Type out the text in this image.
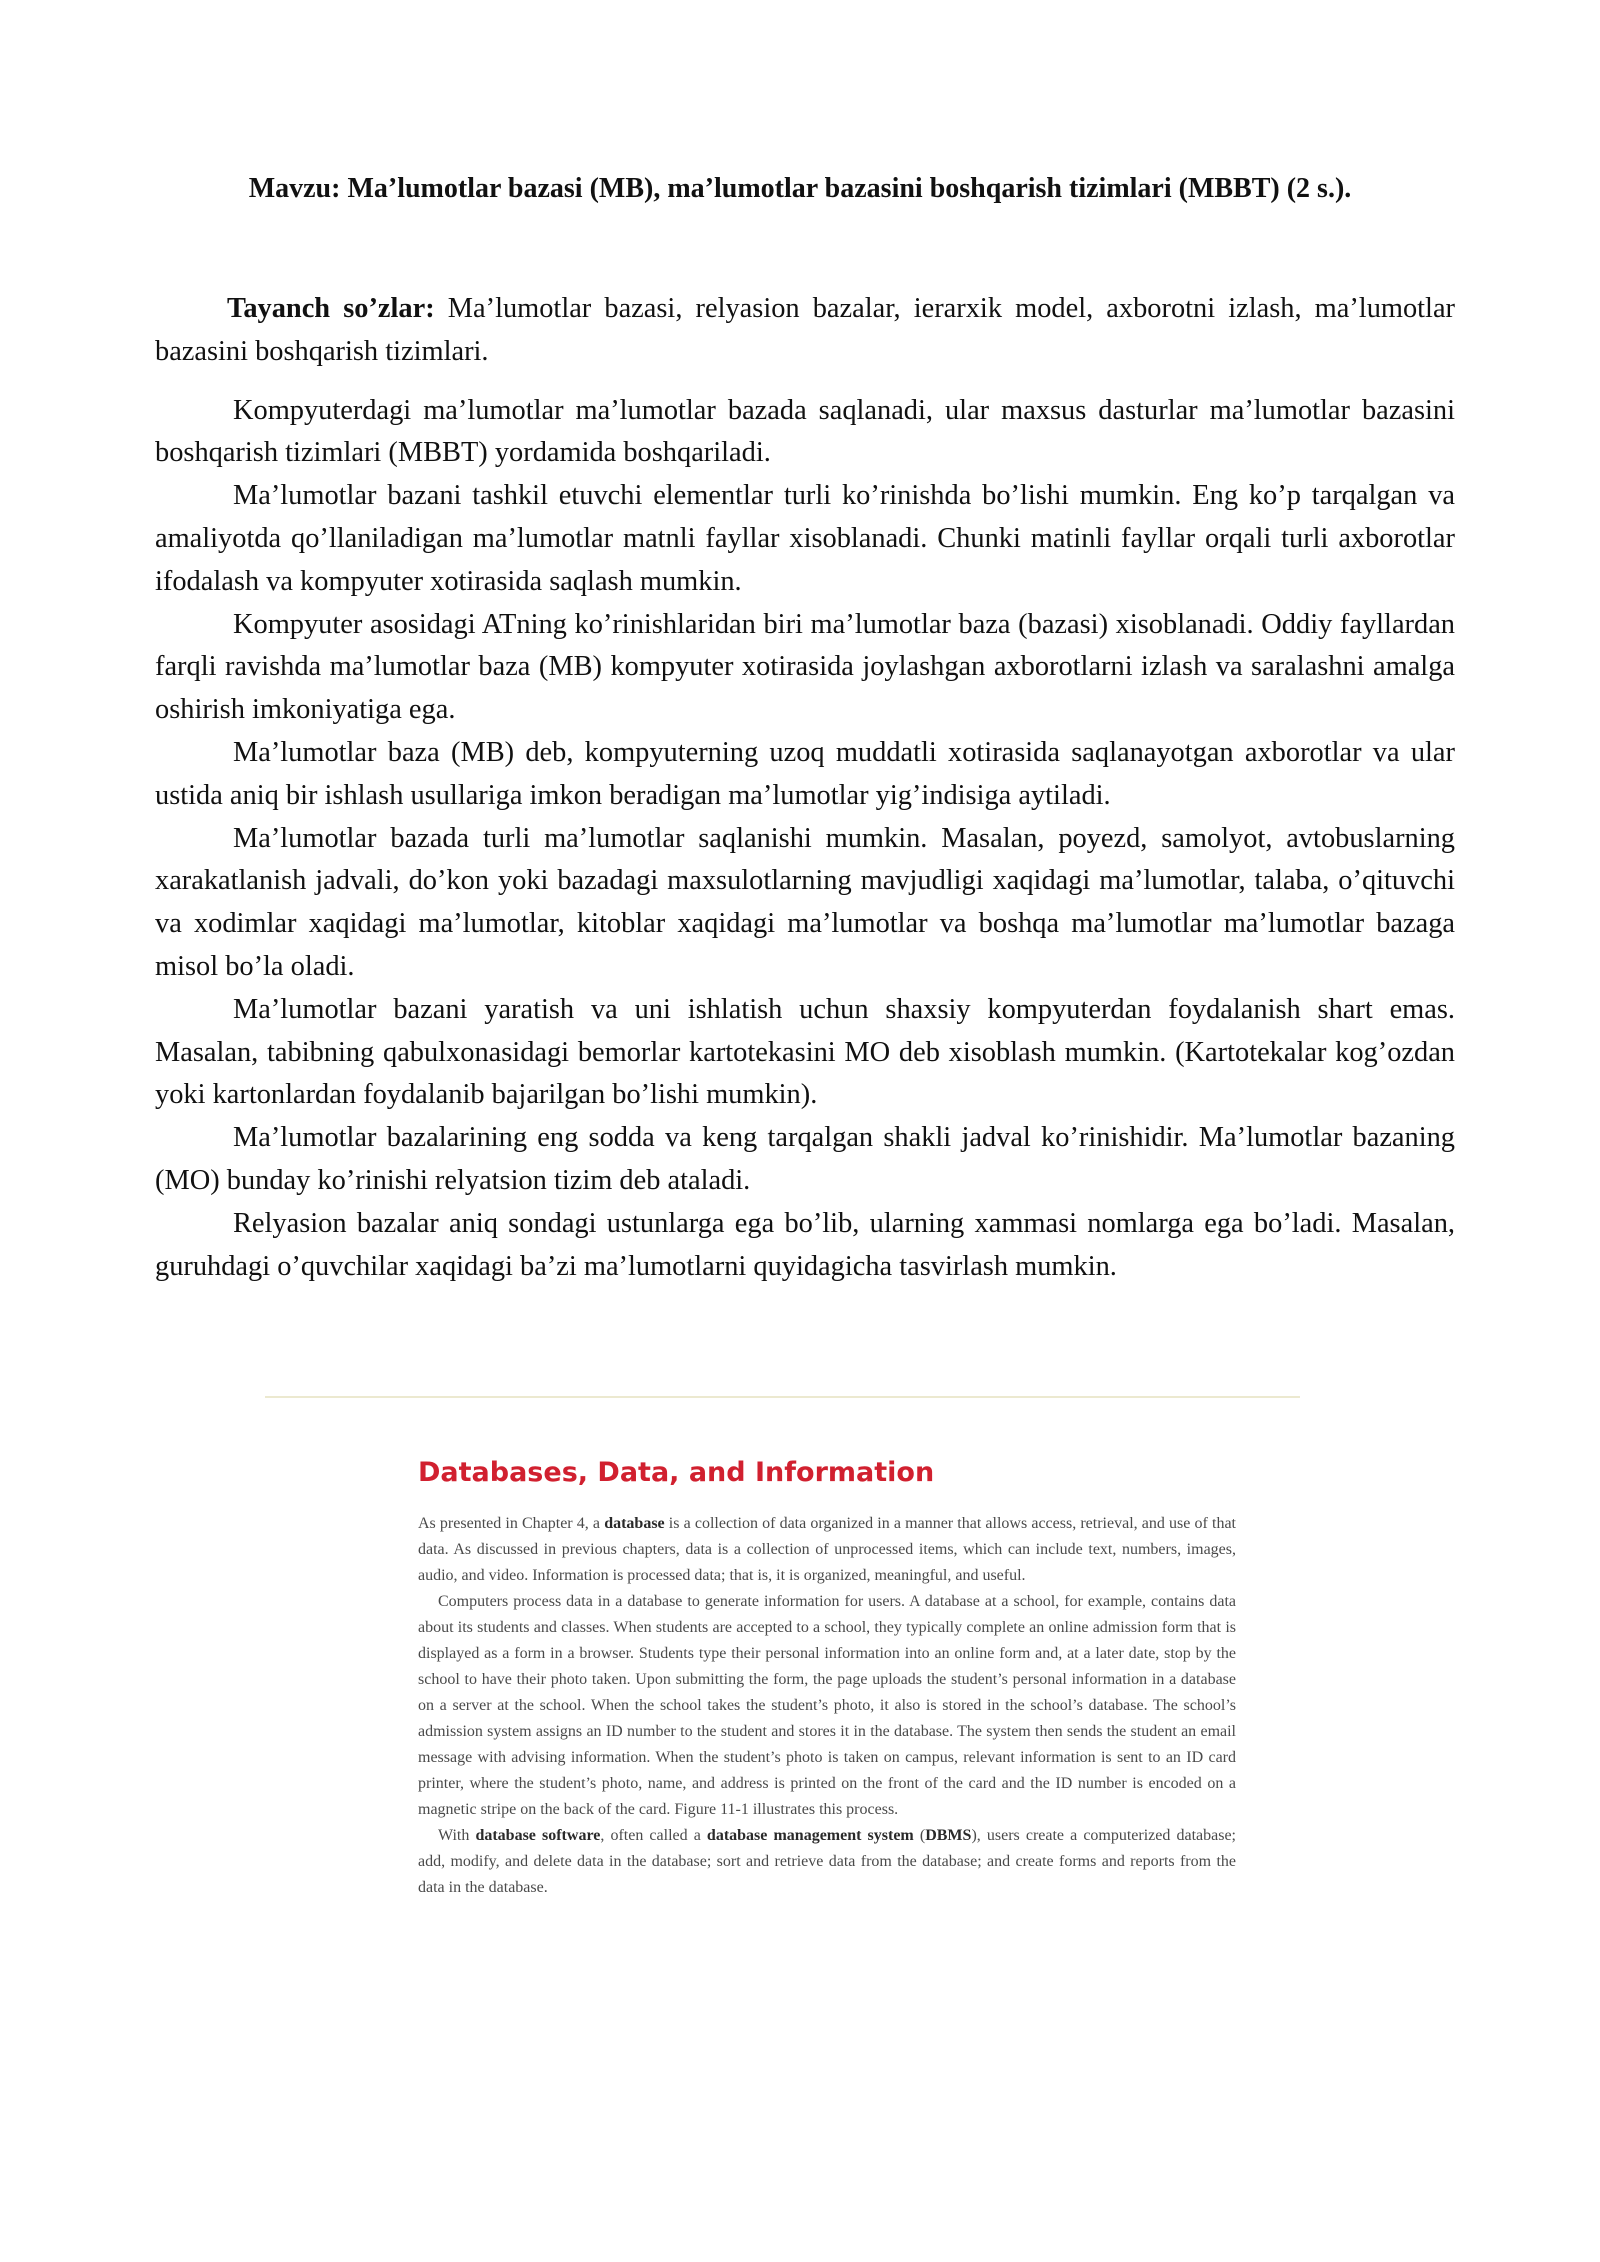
Mavzu: Ma’lumotlar bazasi (MB), ma’lumotlar bazasini boshqarish tizimlari (MBBT) (2 s.).

Tayanch so’zlar: Ma’lumotlar bazasi, relyasion bazalar, ierarxik model, axborotni izlash, ma’lumotlar bazasini boshqarish tizimlari.

Kompyuterdagi ma’lumotlar ma’lumotlar bazada saqlanadi, ular maxsus dasturlar ma’lumotlar bazasini boshqarish tizimlari (MBBT) yordamida boshqariladi.

Ma’lumotlar bazani tashkil etuvchi elementlar turli ko’rinishda bo’lishi mumkin. Eng ko’p tarqalgan va amaliyotda qo’llaniladigan ma’lumotlar matnli fayllar xisoblanadi. Chunki matinli fayllar orqali turli axborotlar ifodalash va kompyuter xotirasida saqlash mumkin.

Kompyuter asosidagi ATning ko’rinishlaridan biri ma’lumotlar baza (bazasi) xisoblanadi. Oddiy fayllardan farqli ravishda ma’lumotlar baza (MB) kompyuter xotirasida joylashgan axborotlarni izlash va saralashni amalga oshirish imkoniyatiga ega.

Ma’lumotlar baza (MB) deb, kompyuterning uzoq muddatli xotirasida saqlanayotgan axborotlar va ular ustida aniq bir ishlash usullariga imkon beradigan ma’lumotlar yig’indisiga aytiladi.

Ma’lumotlar bazada turli ma’lumotlar saqlanishi mumkin. Masalan, poyezd, samolyot, avtobuslarning xarakatlanish jadvali, do’kon yoki bazadagi maxsulotlarning mavjudligi xaqidagi ma’lumotlar, talaba, o’qituvchi va xodimlar xaqidagi ma’lumotlar, kitoblar xaqidagi ma’lumotlar va boshqa ma’lumotlar ma’lumotlar bazaga misol bo’la oladi.

Ma’lumotlar bazani yaratish va uni ishlatish uchun shaxsiy kompyuterdan foydalanish shart emas. Masalan, tabibning qabulxonasidagi bemorlar kartotekasini MO deb xisoblash mumkin. (Kartotekalar kog’ozdan yoki kartonlardan foydalanib bajarilgan bo’lishi mumkin).

Ma’lumotlar bazalarining eng sodda va keng tarqalgan shakli jadval ko’rinishidir. Ma’lumotlar bazaning (MO) bunday ko’rinishi relyatsion tizim deb ataladi.

Relyasion bazalar aniq sondagi ustunlarga ega bo’lib, ularning xammasi nomlarga ega bo’ladi. Masalan, guruhdagi o’quvchilar xaqidagi ba’zi ma’lumotlarni quyidagicha tasvirlash mumkin.

Databases, Data, and Information

As presented in Chapter 4, a database is a collection of data organized in a manner that allows access, retrieval, and use of that data. As discussed in previous chapters, data is a collection of unprocessed items, which can include text, numbers, images, audio, and video. Information is processed data; that is, it is organized, meaningful, and useful.

Computers process data in a database to generate information for users. A database at a school, for example, contains data about its students and classes. When students are accepted to a school, they typically complete an online admission form that is displayed as a form in a browser. Students type their personal information into an online form and, at a later date, stop by the school to have their photo taken. Upon submitting the form, the page uploads the student’s personal information in a database on a server at the school. When the school takes the student’s photo, it also is stored in the school’s database. The school’s admission system assigns an ID number to the student and stores it in the database. The system then sends the student an email message with advising information. When the student’s photo is taken on campus, relevant information is sent to an ID card printer, where the student’s photo, name, and address is printed on the front of the card and the ID number is encoded on a magnetic stripe on the back of the card. Figure 11-1 illustrates this process.

With database software, often called a database management system (DBMS), users create a computerized database; add, modify, and delete data in the database; sort and retrieve data from the database; and create forms and reports from the data in the database.
